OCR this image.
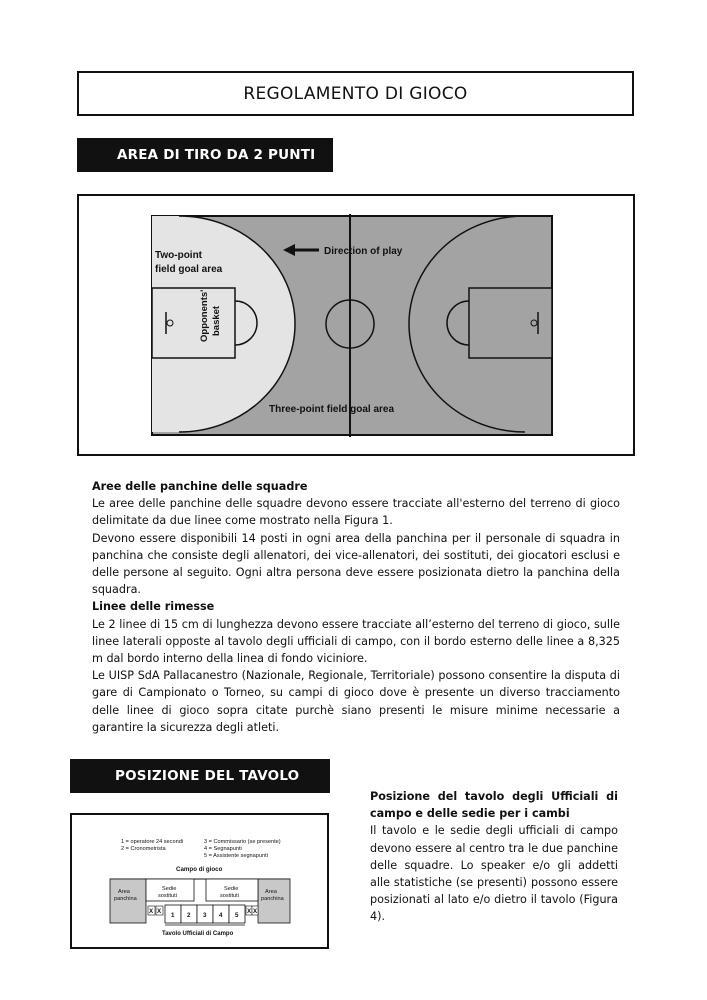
REGOLAMENTO DI GIOCO
AREA DI TIRO DA 2 PUNTI
Two-point
field goal area
Direction of play
Opponents' basket
Three-point field goal area

Aree delle panchine delle squadre

Le aree delle panchine delle squadre devono essere tracciate all'esterno del terreno di gioco delimitate da due linee come mostrato nella Figura 1.

Devono essere disponibili 14 posti in ogni area della panchina per il personale di squadra in panchina che consiste degli allenatori, dei vice-allenatori, dei sostituti, dei giocatori esclusi e delle persone al seguito. Ogni altra persona deve essere posizionata dietro la panchina della squadra.

Linee delle rimesse

Le 2 linee di 15 cm di lunghezza devono essere tracciate all’esterno del terreno di gioco, sulle linee laterali opposte al tavolo degli ufficiali di campo, con il bordo esterno delle linee a 8,325 m dal bordo interno della linea di fondo viciniore.

Le UISP SdA Pallacanestro (Nazionale, Regionale, Territoriale) possono consentire la disputa di gare di Campionato o Torneo, su campi di gioco dove è presente un diverso tracciamento delle linee di gioco sopra citate purchè siano presenti le misure minime necessarie a garantire la sicurezza degli atleti.

POSIZIONE DEL TAVOLO
1 = operatore 24 secondi
2 = Cronometrista
3 = Commissario (se presente)
4 = Segnapunti
5 = Assistente segnapunti
Campo di gioco
Area
panchina
Area
panchina
Sedie
sostituti
Sedie
sostituti
X X	X X
1 2 3 4 5
Tavolo Ufficiali di Campo

Posizione del tavolo degli Ufficiali di campo e delle sedie per i cambi

Il tavolo e le sedie degli ufficiali di campo devono essere al centro tra le due panchine delle squadre. Lo speaker e/o gli addetti alle statistiche (se presenti) possono essere posizionati al lato e/o dietro il tavolo (Figura 4).
